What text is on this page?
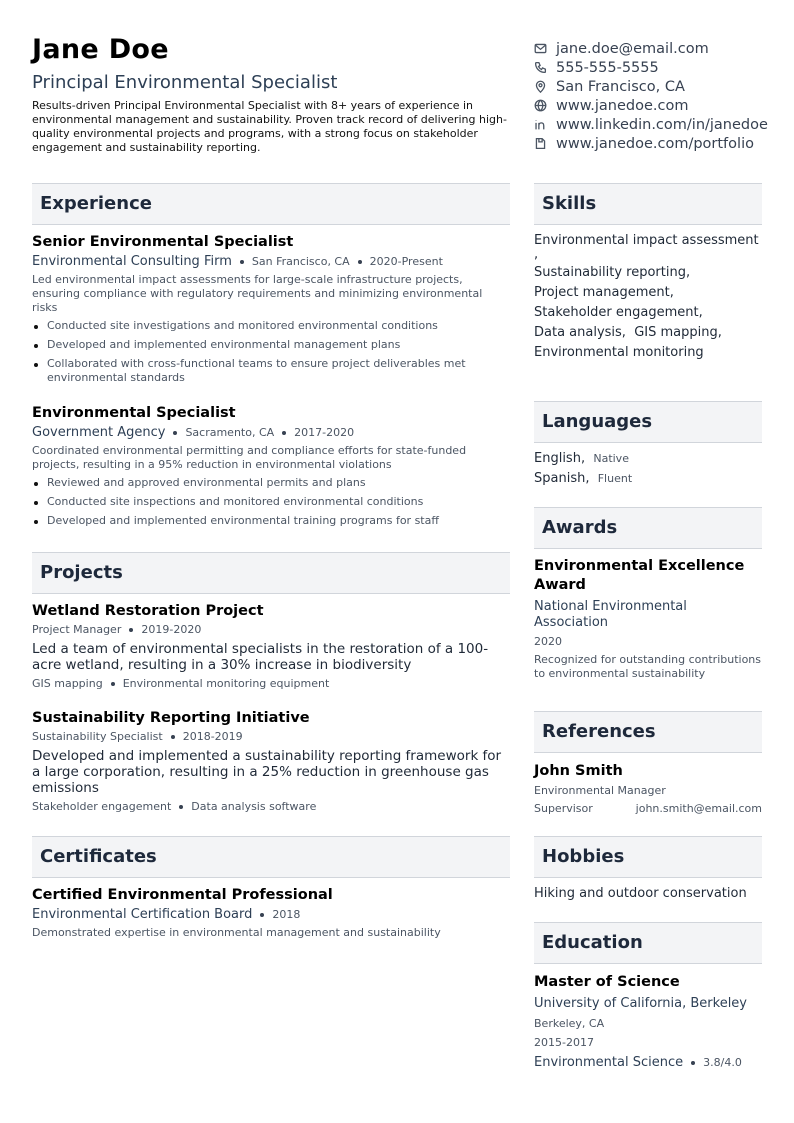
Jane Doe
Principal Environmental Specialist
Results-driven Principal Environmental Specialist with 8+ years of experience in environmental management and sustainability. Proven track record of delivering high-quality environmental projects and programs, with a strong focus on stakeholder engagement and sustainability reporting.
jane.doe@email.com
555-555-5555
San Francisco, CA
www.janedoe.com
www.linkedin.com/in/janedoe
www.janedoe.com/portfolio
Experience
Senior Environmental Specialist
Environmental Consulting Firm San Francisco, CA 2020-Present
Led environmental impact assessments for large-scale infrastructure projects, ensuring compliance with regulatory requirements and minimizing environmental risks
Conducted site investigations and monitored environmental conditions
Developed and implemented environmental management plans
Collaborated with cross-functional teams to ensure project deliverables met environmental standards
Environmental Specialist
Government Agency Sacramento, CA 2017-2020
Coordinated environmental permitting and compliance efforts for state-funded projects, resulting in a 95% reduction in environmental violations
Reviewed and approved environmental permits and plans
Conducted site inspections and monitored environmental conditions
Developed and implemented environmental training programs for staff
Projects
Wetland Restoration Project
Project Manager 2019-2020
Led a team of environmental specialists in the restoration of a 100-acre wetland, resulting in a 30% increase in biodiversity
GIS mapping Environmental monitoring equipment
Sustainability Reporting Initiative
Sustainability Specialist 2018-2019
Developed and implemented a sustainability reporting framework for a large corporation, resulting in a 25% reduction in greenhouse gas emissions
Stakeholder engagement Data analysis software
Certificates
Certified Environmental Professional
Environmental Certification Board 2018
Demonstrated expertise in environmental management and sustainability
Skills
Environmental impact assessment
,
Sustainability reporting,
Project management,
Stakeholder engagement,
Data analysis, GIS mapping,
Environmental monitoring
Languages
English, Native
Spanish, Fluent
Awards
Environmental Excellence Award
National Environmental Association
2020
Recognized for outstanding contributions to environmental sustainability
References
John Smith
Environmental Manager
Supervisor	john.smith@email.com
Hobbies
Hiking and outdoor conservation
Education
Master of Science
University of California, Berkeley
Berkeley, CA
2015-2017
Environmental Science 3.8/4.0
